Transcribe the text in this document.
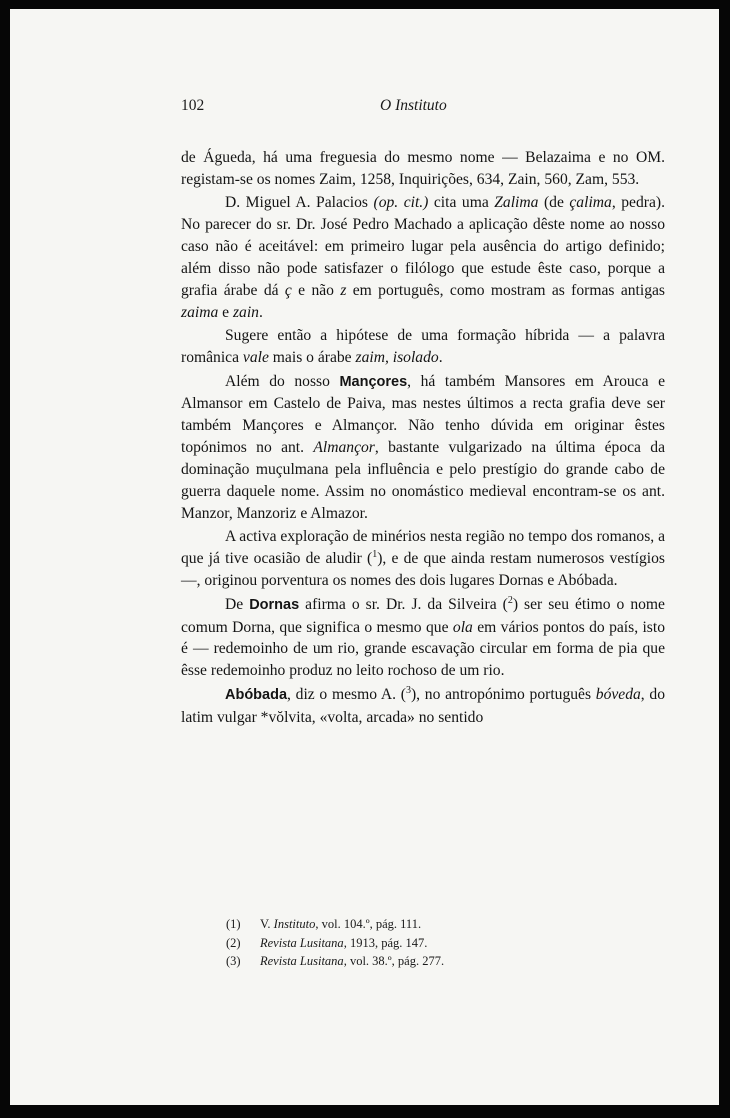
102	O Instituto

de Águeda, há uma freguesia do mesmo nome — Belazaima e no OM. registam-se os nomes Zaim, 1258, Inquirições, 634, Zain, 560, Zam, 553.

D. Miguel A. Palacios (op. cit.) cita uma Zalima (de çalima, pedra). No parecer do sr. Dr. José Pedro Machado a aplicação dêste nome ao nosso caso não é aceitável: em primeiro lugar pela ausência do artigo definido; além disso não pode satisfazer o filólogo que estude êste caso, porque a grafia árabe dá ç e não z em português, como mostram as formas antigas zaima e zain.

Sugere então a hipótese de uma formação híbrida — a palavra românica vale mais o árabe zaim, isolado.

Além do nosso Mançores, há também Mansores em Arouca e Almansor em Castelo de Paiva, mas nestes últimos a recta grafia deve ser também Mançores e Almançor. Não tenho dúvida em originar êstes topónimos no ant. Almançor, bastante vulgarizado na última época da dominação muçulmana pela influência e pelo prestígio do grande cabo de guerra daquele nome. Assim no onomástico medieval encontram-se os ant. Manzor, Manzoriz e Almazor.

A activa exploração de minérios nesta região no tempo dos romanos, a que já tive ocasião de aludir ($^1$), e de que ainda restam numerosos vestígios —, originou porventura os nomes des dois lugares Dornas e Abóbada.

De Dornas afirma o sr. Dr. J. da Silveira ($^2$) ser seu étimo o nome comum Dorna, que significa o mesmo que ola em vários pontos do país, isto é — redemoinho de um rio, grande escavação circular em forma de pia que êsse redemoinho produz no leito rochoso de um rio.

Abóbada, diz o mesmo A. ($^3$), no antropónimo português bóveda, do latim vulgar *vŏlvita, «volta, arcada» no sentido

(1) V. Instituto, vol. 104.º, pág. 111.
(2) Revista Lusitana, 1913, pág. 147.
(3) Revista Lusitana, vol. 38.º, pág. 277.
